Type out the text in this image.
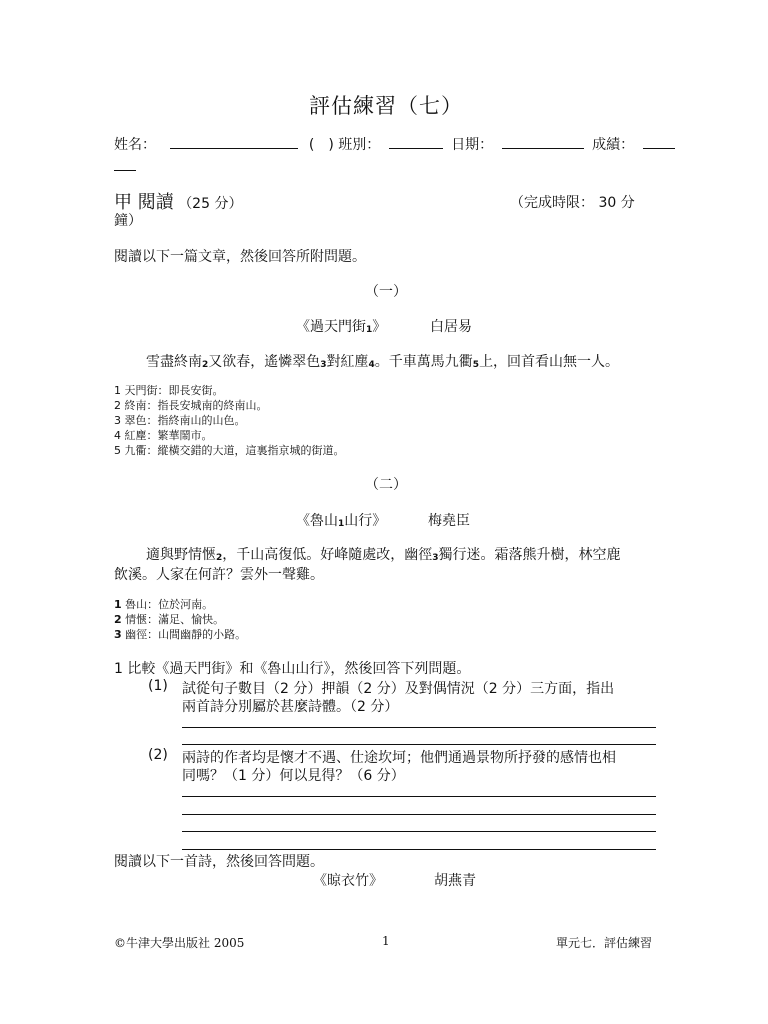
評估練習（七）
姓名：	(　) 班別：	日期：	成績：
甲 閱讀 （25 分）	（完成時限： 30 分
鐘）
閱讀以下一篇文章，然後回答所附問題。
（一）
《過天門街$_1$》	白居易
雪盡終南$_2$又欲春，遙憐翠色$_3$對紅塵$_4$。千車萬馬九衢$_5$上，回首看山無一人。
1 天門街：即長安街。
2 終南：指長安城南的終南山。
3 翠色：指終南山的山色。
4 紅塵：繁華鬧市。
5 九衢：縱橫交錯的大道，這裏指京城的街道。
（二）
《魯山$_1$山行》	梅堯臣
適與野情愜$_2$，千山高復低。好峰隨處改，幽徑$_3$獨行迷。霜落熊升樹，林空鹿
飲溪。人家在何許？雲外一聲雞。
1 魯山：位於河南。
2 情愜：滿足、愉快。
3 幽徑：山間幽靜的小路。
1 比較《過天門街》和《魯山山行》，然後回答下列問題。
(1) 試從句子數目（2 分）押韻（2 分）及對偶情況（2 分）三方面，指出
兩首詩分別屬於甚麼詩體。（2 分）
(2) 兩詩的作者均是懷才不遇、仕途坎坷；他們通過景物所抒發的感情也相
同嗎？（1 分）何以見得？（6 分）
閱讀以下一首詩，然後回答問題。
《晾衣竹》	胡燕青
©牛津大學出版社 2005	1	單元七．評估練習
